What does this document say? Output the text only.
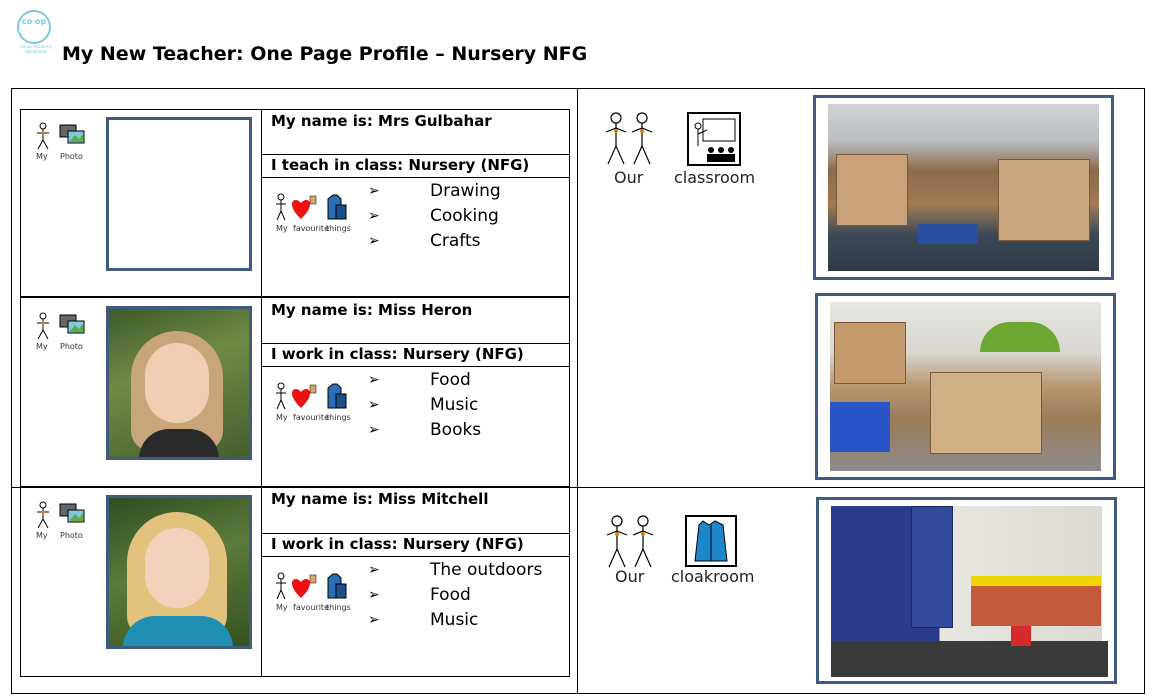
co op
Co-op Academy Woodlands My New Teacher: One Page Profile – Nursery NFG
My Photo
My name is: Mrs Gulbahar
I teach in class: Nursery (NFG)
My favourite
things
➢	Drawing
➢	Cooking
➢	Crafts
My Photo
My name is: Miss Heron
I work in class: Nursery (NFG)
My favourite
things
➢	Food
➢	Music
➢	Books
My Photo
My name is: Miss Mitchell
I work in class: Nursery (NFG)
My favourite
things
➢	The outdoors
➢	Food
➢	Music
Our classroom
Our cloakroom
